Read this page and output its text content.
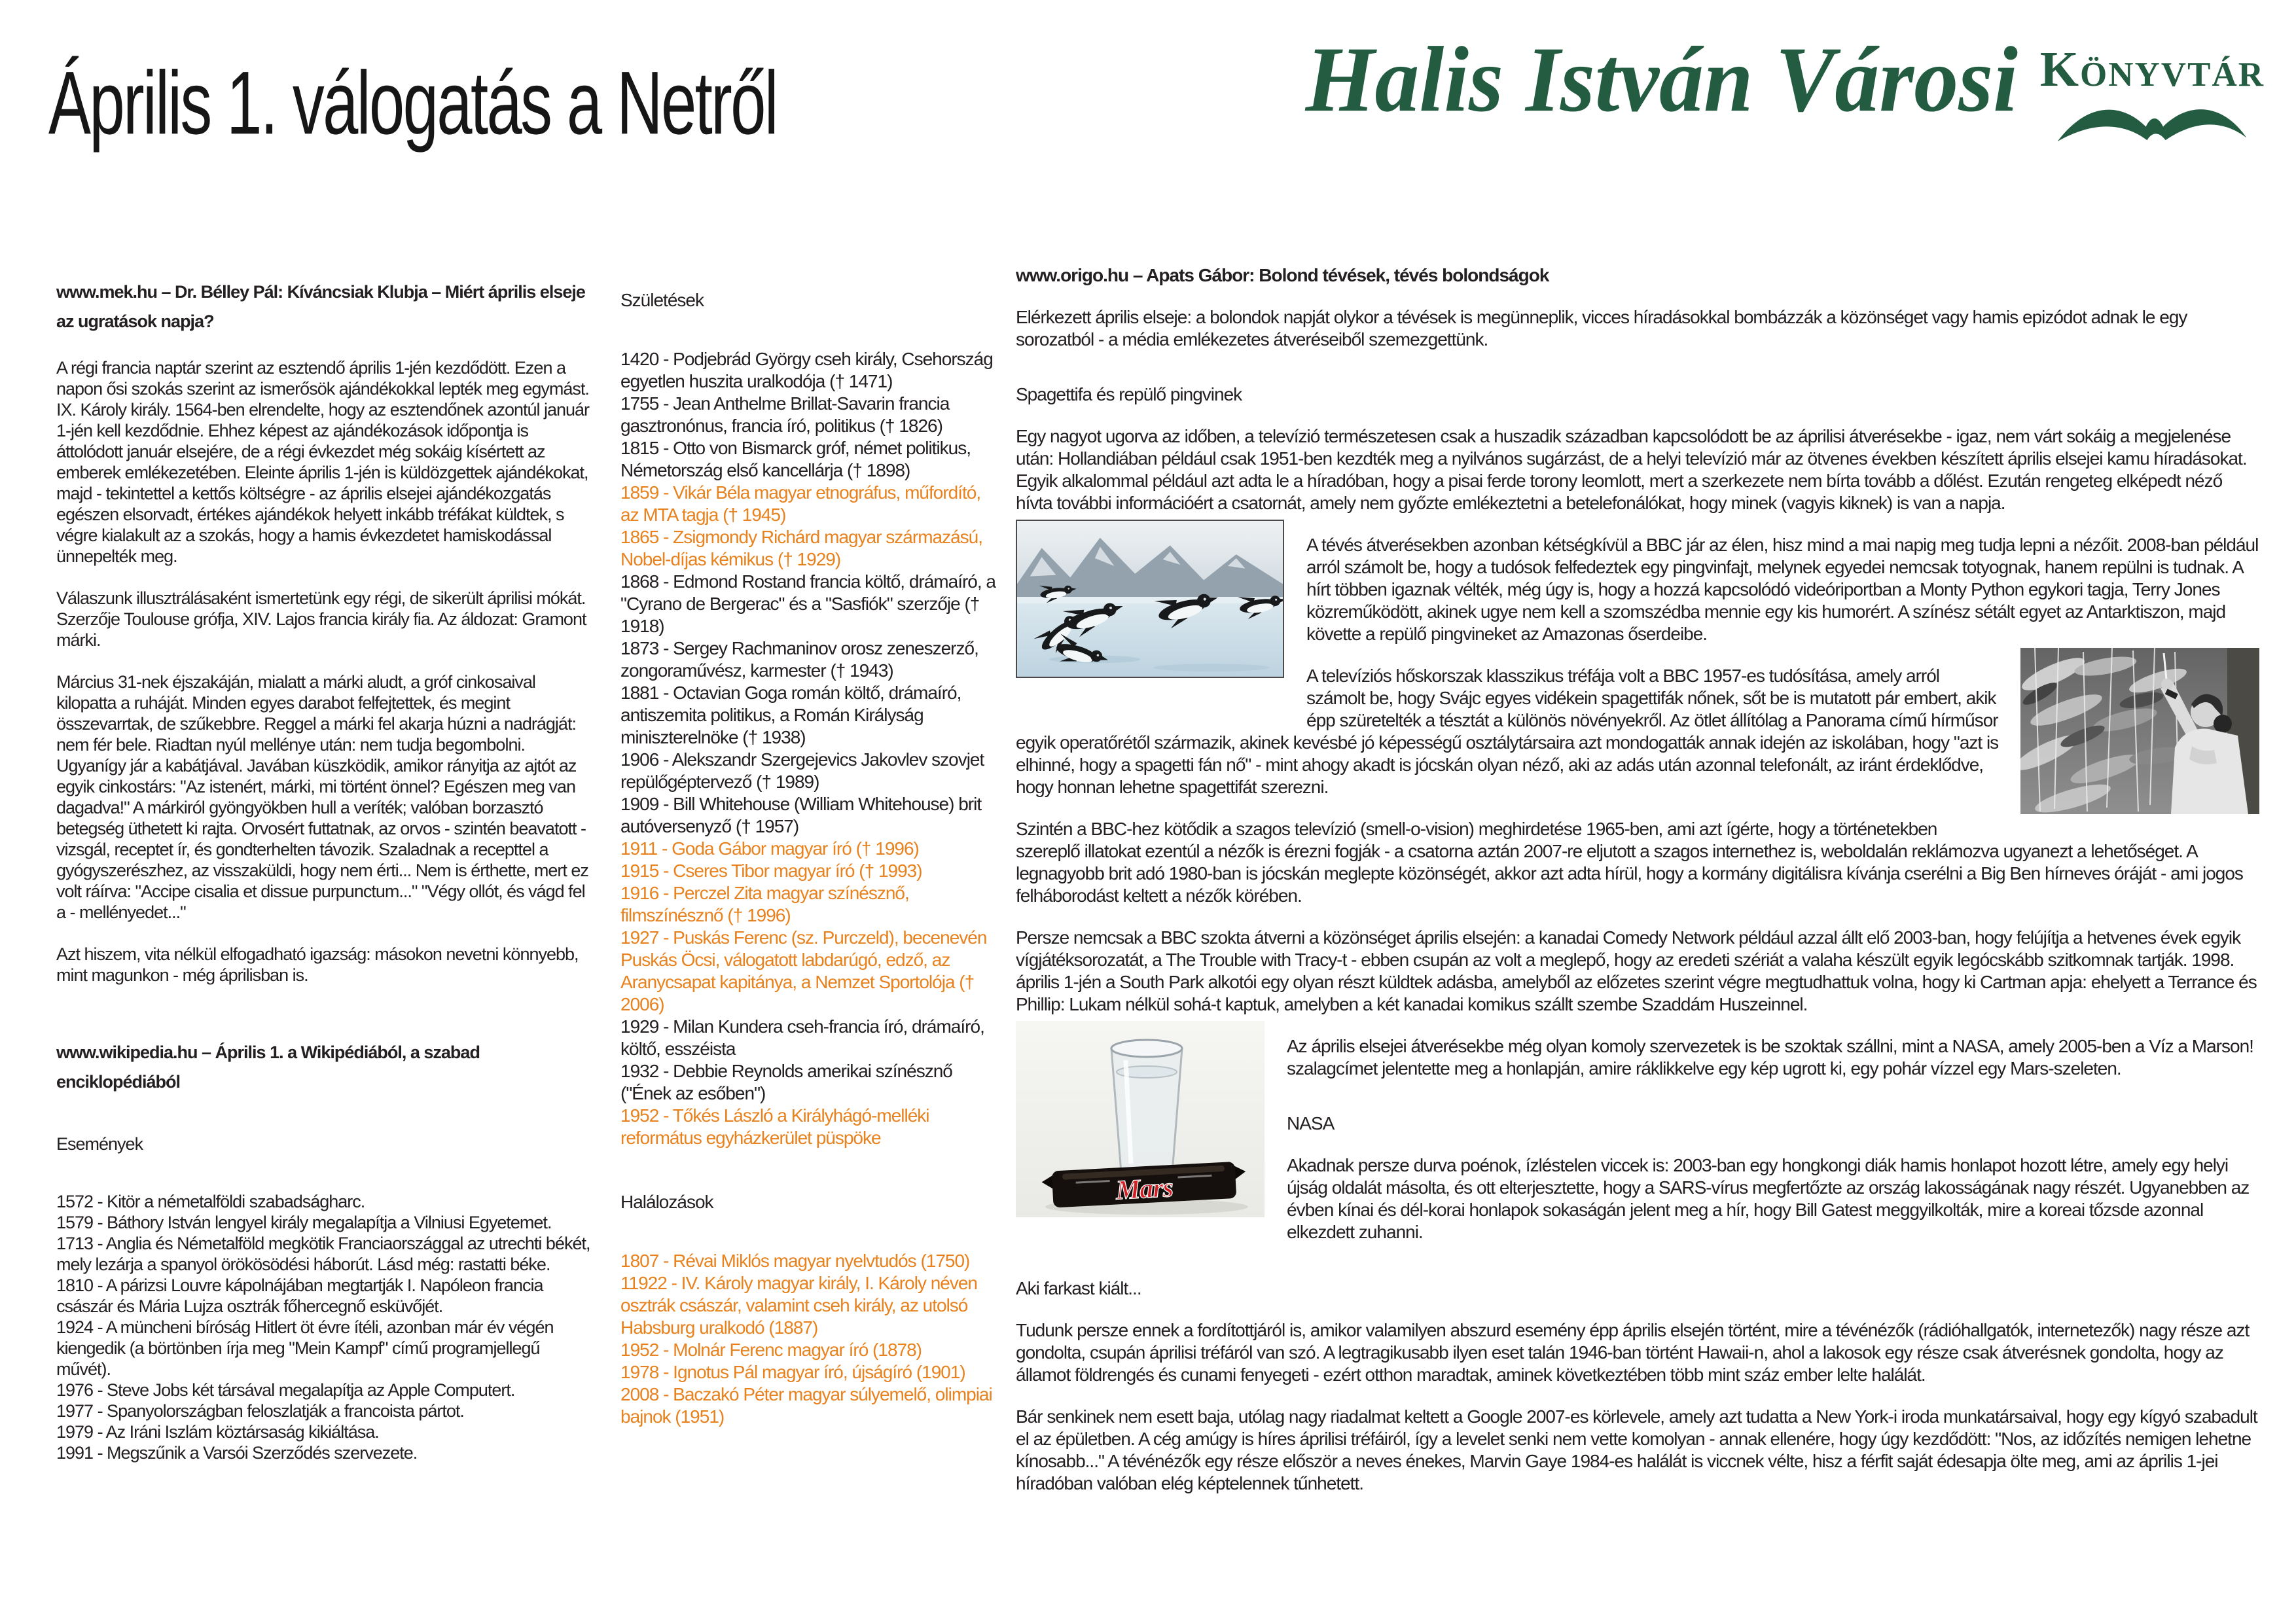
Április 1. válogatás a Netről	Halis István Városi Könyvtár
www.mek.hu – Dr. Bélley Pál: Kíváncsiak Klubja – Miért április elseje az ugratások napja?

A régi francia naptár szerint az esztendő április 1-jén kezdődött. Ezen a napon ősi szokás szerint az ismerősök ajándékokkal lepték meg egymást. IX. Károly király. 1564-ben elrendelte, hogy az esztendőnek azontúl január 1-jén kell kezdődnie. Ehhez képest az ajándékozások időpontja is áttolódott január elsejére, de a régi évkezdet még sokáig kísértett az emberek emlékezetében. Eleinte április 1-jén is küldözgettek ajándékokat, majd - tekintettel a kettős költségre - az április elsejei ajándékozgatás egészen elsorvadt, értékes ajándékok helyett inkább tréfákat küldtek, s végre kialakult az a szokás, hogy a hamis évkezdetet hamiskodással ünnepelték meg.

Válaszunk illusztrálásaként ismertetünk egy régi, de sikerült áprilisi mókát. Szerzője Toulouse grófja, XIV. Lajos francia király fia. Az áldozat: Gramont márki.

Március 31-nek éjszakáján, mialatt a márki aludt, a gróf cinkosaival kilopatta a ruháját. Minden egyes darabot felfejtettek, és megint összevarrtak, de szűkebbre. Reggel a márki fel akarja húzni a nadrágját: nem fér bele. Riadtan nyúl mellénye után: nem tudja begombolni. Ugyanígy jár a kabátjával. Javában küszködik, amikor rányitja az ajtót az egyik cinkostárs: "Az istenért, márki, mi történt önnel? Egészen meg van dagadva!" A márkiról gyöngyökben hull a veríték; valóban borzasztó betegség üthetett ki rajta. Orvosért futtatnak, az orvos - szintén beavatott - vizsgál, receptet ír, és gondterhelten távozik. Szaladnak a recepttel a gyógyszerészhez, az visszaküldi, hogy nem érti... Nem is érthette, mert ez volt ráírva: "Accipe cisalia et dissue purpunctum..." "Végy ollót, és vágd fel a - mellényedet..."

Azt hiszem, vita nélkül elfogadható igazság: másokon nevetni könnyebb, mint magunkon - még áprilisban is.

www.wikipedia.hu – Április 1. a Wikipédiából, a szabad enciklopédiából
Események
1572 - Kitör a németalföldi szabadságharc.
1579 - Báthory István lengyel király megalapítja a Vilniusi Egyetemet.
1713 - Anglia és Németalföld megkötik Franciaországgal az utrechti békét, mely lezárja a spanyol örökösödési háborút. Lásd még: rastatti béke.
1810 - A párizsi Louvre kápolnájában megtartják I. Napóleon francia császár és Mária Lujza osztrák főhercegnő esküvőjét.
1924 - A müncheni bíróság Hitlert öt évre ítéli, azonban már év végén kiengedik (a börtönben írja meg "Mein Kampf" című programjellegű művét).
1976 - Steve Jobs két társával megalapítja az Apple Computert.
1977 - Spanyolországban feloszlatják a francoista pártot.
1979 - Az Iráni Iszlám köztársaság kikiáltása.
1991 - Megszűnik a Varsói Szerződés szervezete.
Születések
1420 - Podjebrád György cseh király, Csehország egyetlen huszita uralkodója († 1471)
1755 - Jean Anthelme Brillat-Savarin francia gasztronónus, francia író, politikus († 1826)
1815 - Otto von Bismarck gróf, német politikus, Németország első kancellárja († 1898)
1859 - Vikár Béla magyar etnográfus, műfordító, az MTA tagja († 1945)
1865 - Zsigmondy Richárd magyar származású, Nobel-díjas kémikus († 1929)
1868 - Edmond Rostand francia költő, drámaíró, a "Cyrano de Bergerac" és a "Sasfiók" szerzője († 1918)
1873 - Sergey Rachmaninov orosz zeneszerző, zongoraművész, karmester († 1943)
1881 - Octavian Goga román költő, drámaíró, antiszemita politikus, a Román Királyság miniszterelnöke († 1938)
1906 - Alekszandr Szergejevics Jakovlev szovjet repülőgéptervező († 1989)
1909 - Bill Whitehouse (William Whitehouse) brit autóversenyző († 1957)
1911 - Goda Gábor magyar író († 1996)
1915 - Cseres Tibor magyar író († 1993)
1916 - Perczel Zita magyar színésznő, filmszínésznő († 1996)
1927 - Puskás Ferenc (sz. Purczeld), becenevén Puskás Öcsi, válogatott labdarúgó, edző, az Aranycsapat kapitánya, a Nemzet Sportolója († 2006)
1929 - Milan Kundera cseh-francia író, drámaíró, költő, esszéista
1932 - Debbie Reynolds amerikai színésznő ("Ének az esőben")
1952 - Tőkés László a Királyhágó-melléki református egyházkerület püspöke
Halálozások
1807 - Révai Miklós magyar nyelvtudós (1750)
11922 - IV. Károly magyar király, I. Károly néven osztrák császár, valamint cseh király, az utolsó Habsburg uralkodó (1887)
1952 - Molnár Ferenc magyar író (1878)
1978 - Ignotus Pál magyar író, újságíró (1901)
2008 - Baczakó Péter magyar súlyemelő, olimpiai bajnok (1951)
www.origo.hu – Apats Gábor: Bolond tévések, tévés bolondságok

Elérkezett április elseje: a bolondok napját olykor a tévések is megünneplik, vicces híradásokkal bombázzák a közönséget vagy hamis epizódot adnak le egy sorozatból - a média emlékezetes átveréseiből szemezgettünk.

Spagettifa és repülő pingvinek

Egy nagyot ugorva az időben, a televízió természetesen csak a huszadik században kapcsolódott be az áprilisi átverésekbe - igaz, nem várt sokáig a megjelenése után: Hollandiában például csak 1951-ben kezdték meg a nyilvános sugárzást, de a helyi televízió már az ötvenes években készített április elsejei kamu híradásokat. Egyik alkalommal például azt adta le a híradóban, hogy a pisai ferde torony leomlott, mert a szerkezete nem bírta tovább a dőlést. Ezután rengeteg elképedt néző hívta további információért a csatornát, amely nem győzte emlékeztetni a betelefonálókat, hogy minek (vagyis kiknek) is van a napja.

A tévés átverésekben azonban kétségkívül a BBC jár az élen, hisz mind a mai napig meg tudja lepni a nézőit. 2008-ban például arról számolt be, hogy a tudósok felfedeztek egy pingvinfajt, melynek egyedei nemcsak totyognak, hanem repülni is tudnak. A hírt többen igaznak vélték, még úgy is, hogy a hozzá kapcsolódó videóriportban a Monty Python egykori tagja, Terry Jones közreműködött, akinek ugye nem kell a szomszédba mennie egy kis humorért. A színész sétált egyet az Antarktiszon, majd követte a repülő pingvineket az Amazonas őserdeibe.

A televíziós hőskorszak klasszikus tréfája volt a BBC 1957-es tudósítása, amely arról számolt be, hogy Svájc egyes vidékein spagettifák nőnek, sőt be is mutatott pár embert, akik épp szüretelték a tésztát a különös növényekről. Az ötlet állítólag a Panorama című hírműsor egyik operatőrétől származik, akinek kevésbé jó képességű osztálytársaira azt mondogatták annak idején az iskolában, hogy "azt is elhinné, hogy a spagetti fán nő" - mint ahogy akadt is jócskán olyan néző, aki az adás után azonnal telefonált, az iránt érdeklődve, hogy honnan lehetne spagettifát szerezni.

Szintén a BBC-hez kötődik a szagos televízió (smell-o-vision) meghirdetése 1965-ben, ami azt ígérte, hogy a történetekben szereplő illatokat ezentúl a nézők is érezni fogják - a csatorna aztán 2007-re eljutott a szagos internethez is, weboldalán reklámozva ugyanezt a lehetőséget. A legnagyobb brit adó 1980-ban is jócskán meglepte közönségét, akkor azt adta hírül, hogy a kormány digitálisra kívánja cserélni a Big Ben hírneves óráját - ami jogos felháborodást keltett a nézők körében.

Persze nemcsak a BBC szokta átverni a közönséget április elsején: a kanadai Comedy Network például azzal állt elő 2003-ban, hogy felújítja a hetvenes évek egyik vígjátéksorozatát, a The Trouble with Tracy-t - ebben csupán az volt a meglepő, hogy az eredeti szériát a valaha készült egyik legócskább szitkomnak tartják. 1998. április 1-jén a South Park alkotói egy olyan részt küldtek adásba, amelyből az előzetes szerint végre megtudhattuk volna, hogy ki Cartman apja: ehelyett a Terrance és Phillip: Lukam nélkül sohá-t kaptuk, amelyben a két kanadai komikus szállt szembe Szaddám Huszeinnel.

Mars

Az április elsejei átverésekbe még olyan komoly szervezetek is be szoktak szállni, mint a NASA, amely 2005-ben a Víz a Marson! szalagcímet jelentette meg a honlapján, amire ráklikkelve egy kép ugrott ki, egy pohár vízzel egy Mars-szeleten.

NASA

Akadnak persze durva poénok, ízléstelen viccek is: 2003-ban egy hongkongi diák hamis honlapot hozott létre, amely egy helyi újság oldalát másolta, és ott elterjesztette, hogy a SARS-vírus megfertőzte az ország lakosságának nagy részét. Ugyanebben az évben kínai és dél-korai honlapok sokaságán jelent meg a hír, hogy Bill Gatest meggyilkolták, mire a koreai tőzsde azonnal elkezdett zuhanni.

Aki farkast kiált...

Tudunk persze ennek a fordítottjáról is, amikor valamilyen abszurd esemény épp április elsején történt, mire a tévénézők (rádióhallgatók, internetezők) nagy része azt gondolta, csupán áprilisi tréfáról van szó. A legtragikusabb ilyen eset talán 1946-ban történt Hawaii-n, ahol a lakosok egy része csak átverésnek gondolta, hogy az államot földrengés és cunami fenyegeti - ezért otthon maradtak, aminek következtében több mint száz ember lelte halálát.

Bár senkinek nem esett baja, utólag nagy riadalmat keltett a Google 2007-es körlevele, amely azt tudatta a New York-i iroda munkatársaival, hogy egy kígyó szabadult el az épületben. A cég amúgy is híres áprilisi tréfáiról, így a levelet senki nem vette komolyan - annak ellenére, hogy úgy kezdődött: "Nos, az időzítés nemigen lehetne kínosabb..." A tévénézők egy része először a neves énekes, Marvin Gaye 1984-es halálát is viccnek vélte, hisz a férfit saját édesapja ölte meg, ami az április 1-jei híradóban valóban elég képtelennek tűnhetett.
